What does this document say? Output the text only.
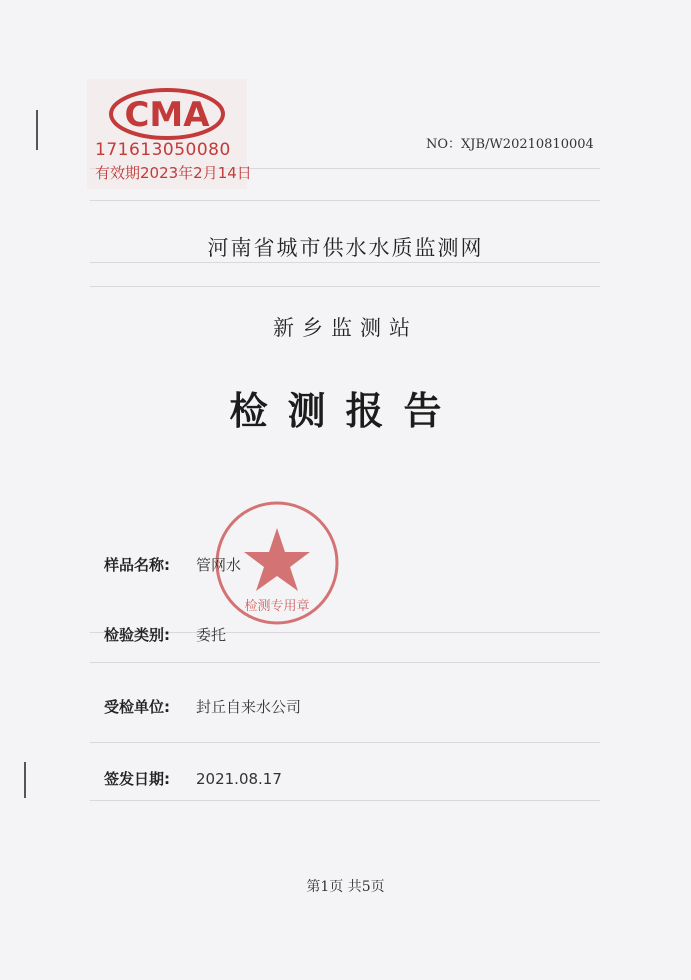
CMA
171613050080
有效期2023年2月14日
NO：XJB/W20210810004
河南省城市供水水质监测网
新乡监测站
检测报告
检测专用章
样品名称: 管网水
检验类别: 委托
受检单位: 封丘自来水公司
签发日期: 2021.08.17
第1页 共5页
